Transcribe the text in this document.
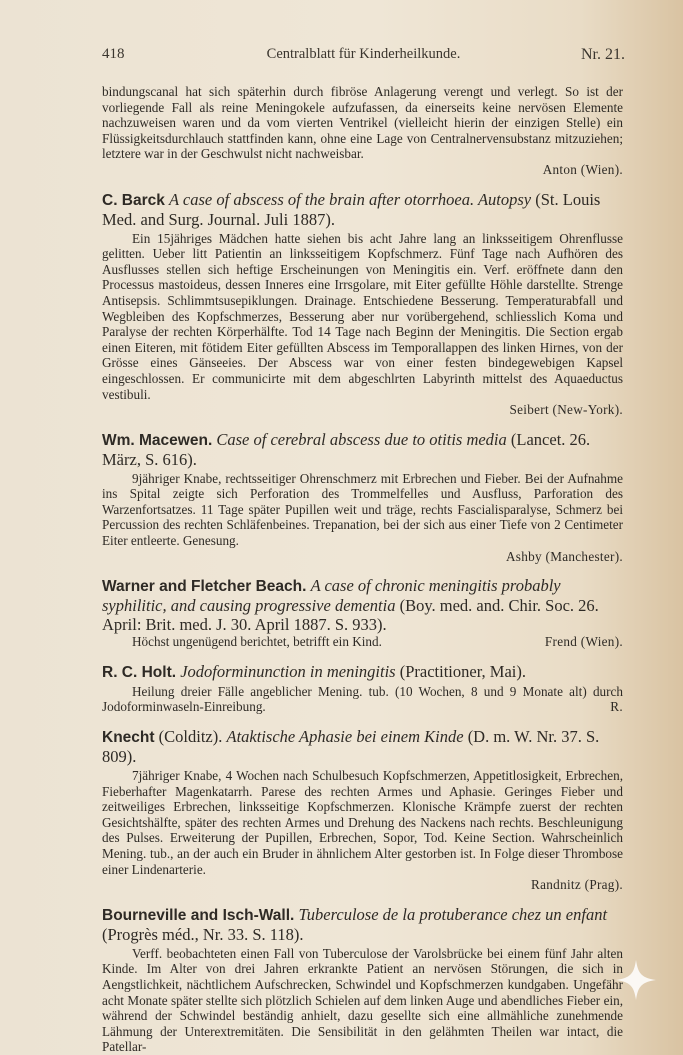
418	Centralblatt für Kinderheilkunde.	Nr. 21.

bindungscanal hat sich späterhin durch fibröse Anlagerung verengt und verlegt. So ist der vorliegende Fall als reine Meningokele aufzufassen, da einerseits keine nervösen Elemente nachzuweisen waren und da vom vierten Ventrikel (vielleicht hierin der einzigen Stelle) ein Flüssigkeitsdurchlauch stattfinden kann, ohne eine Lage von Centralnervensubstanz mitzuziehen; letztere war in der Geschwulst nicht nachweisbar.

Anton (Wien).
C. Barck A case of abscess of the brain after otorrhoea. Autopsy (St. Louis Med. and Surg. Journal. Juli 1887).

Ein 15jähriges Mädchen hatte siehen bis acht Jahre lang an linksseitigem Ohrenflusse gelitten. Ueber litt Patientin an linksseitigem Kopfschmerz. Fünf Tage nach Aufhören des Ausflusses stellen sich heftige Erscheinungen von Meningitis ein. Verf. eröffnete dann den Processus mastoideus, dessen Inneres eine Irrsgolare, mit Eiter gefüllte Höhle darstellte. Strenge Antisepsis. Schlimmtsusepiklungen. Drainage. Entschiedene Besserung. Temperaturabfall und Wegbleiben des Kopfschmerzes, Besserung aber nur vorübergehend, schliesslich Koma und Paralyse der rechten Körperhälfte. Tod 14 Tage nach Beginn der Meningitis. Die Section ergab einen Eiteren, mit fötidem Eiter gefüllten Abscess im Temporallappen des linken Hirnes, von der Grösse eines Gänseeies. Der Abscess war von einer festen bindegewebigen Kapsel eingeschlossen. Er communicirte mit dem abgeschlrten Labyrinth mittelst des Aquaeductus vestibuli.

Seibert (New-York).
Wm. Macewen. Case of cerebral abscess due to otitis media (Lancet. 26. März, S. 616).

9jähriger Knabe, rechtsseitiger Ohrenschmerz mit Erbrechen und Fieber. Bei der Aufnahme ins Spital zeigte sich Perforation des Trommelfelles und Ausfluss, Parforation des Warzenfortsatzes. 11 Tage später Pupillen weit und träge, rechts Fascialisparalyse, Schmerz bei Percussion des rechten Schläfenbeines. Trepanation, bei der sich aus einer Tiefe von 2 Centimeter Eiter entleerte. Genesung.

Ashby (Manchester).
Warner and Fletcher Beach. A case of chronic meningitis probably syphilitic, and causing progressive dementia (Boy. med. and. Chir. Soc. 26. April: Brit. med. J. 30. April 1887. S. 933).
Höchst ungenügend berichtet, betrifft ein Kind.	Frend (Wien).
R. C. Holt. Jodoforminunction in meningitis (Practitioner, Mai).

Heilung dreier Fälle angeblicher Mening. tub. (10 Wochen, 8 und 9 Monate alt) durch Jodoforminwaseln-Einreibung.	R.

Knecht (Colditz). Ataktische Aphasie bei einem Kinde (D. m. W. Nr. 37. S. 809).

7jähriger Knabe, 4 Wochen nach Schulbesuch Kopfschmerzen, Appetitlosigkeit, Erbrechen, Fieberhafter Magenkatarrh. Parese des rechten Armes und Aphasie. Geringes Fieber und zeitweiliges Erbrechen, linksseitige Kopfschmerzen. Klonische Krämpfe zuerst der rechten Gesichtshälfte, später des rechten Armes und Drehung des Nackens nach rechts. Beschleunigung des Pulses. Erweiterung der Pupillen, Erbrechen, Sopor, Tod. Keine Section. Wahrscheinlich Mening. tub., an der auch ein Bruder in ähnlichem Alter gestorben ist. In Folge dieser Thrombose einer Lindenarterie.

Randnitz (Prag).
Bourneville and Isch-Wall. Tuberculose de la protuberance chez un enfant (Progrès méd., Nr. 33. S. 118).

Verff. beobachteten einen Fall von Tuberculose der Varolsbrücke bei einem fünf Jahr alten Kinde. Im Alter von drei Jahren erkrankte Patient an nervösen Störungen, die sich in Aengstlichkeit, nächtlichem Aufschrecken, Schwindel und Kopfschmerzen kundgaben. Ungefähr acht Monate später stellte sich plötzlich Schielen auf dem linken Auge und abendliches Fieber ein, während der Schwindel beständig anhielt, dazu gesellte sich eine allmähliche zunehmende Lähmung der Unterextremitäten. Die Sensibilität in den gelähmten Theilen war intact, die Patellar-
